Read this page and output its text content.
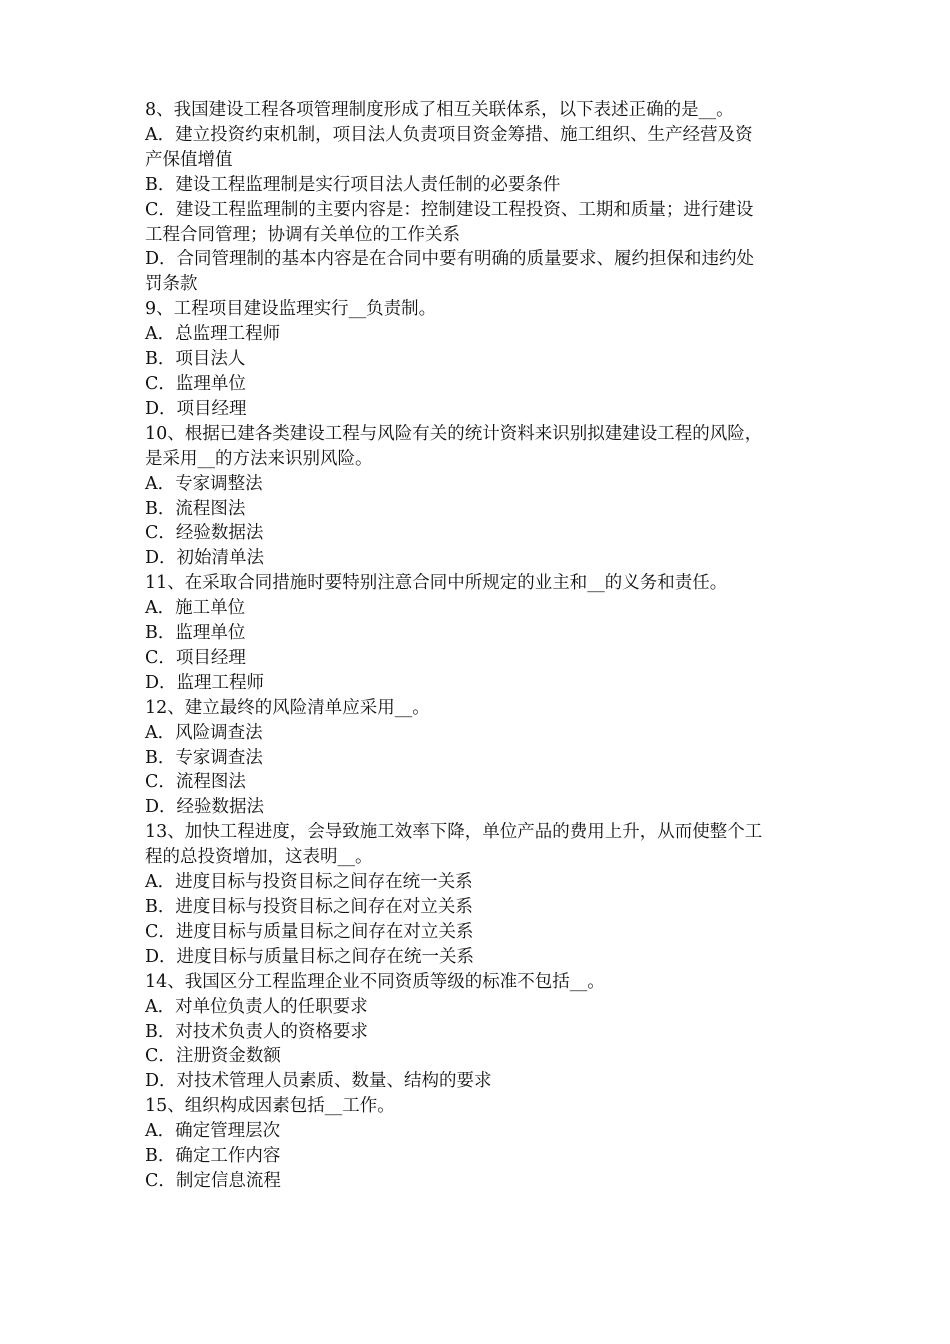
8、我国建设工程各项管理制度形成了相互关联体系，以下表述正确的是__。

A．建立投资约束机制，项目法人负责项目资金筹措、施工组织、生产经营及资

产保值增值

B．建设工程监理制是实行项目法人责任制的必要条件

C．建设工程监理制的主要内容是：控制建设工程投资、工期和质量；进行建设

工程合同管理；协调有关单位的工作关系

D．合同管理制的基本内容是在合同中要有明确的质量要求、履约担保和违约处

罚条款

9、工程项目建设监理实行__负责制。

A．总监理工程师

B．项目法人

C．监理单位

D．项目经理

10、根据已建各类建设工程与风险有关的统计资料来识别拟建建设工程的风险，

是采用__的方法来识别风险。

A．专家调整法

B．流程图法

C．经验数据法

D．初始清单法

11、在采取合同措施时要特别注意合同中所规定的业主和__的义务和责任。

A．施工单位

B．监理单位

C．项目经理

D．监理工程师

12、建立最终的风险清单应采用__。

A．风险调查法

B．专家调查法

C．流程图法

D．经验数据法

13、加快工程进度，会导致施工效率下降，单位产品的费用上升，从而使整个工

程的总投资增加，这表明__。

A．进度目标与投资目标之间存在统一关系

B．进度目标与投资目标之间存在对立关系

C．进度目标与质量目标之间存在对立关系

D．进度目标与质量目标之间存在统一关系

14、我国区分工程监理企业不同资质等级的标准不包括__。

A．对单位负责人的任职要求

B．对技术负责人的资格要求

C．注册资金数额

D．对技术管理人员素质、数量、结构的要求

15、组织构成因素包括__工作。

A．确定管理层次

B．确定工作内容

C．制定信息流程
